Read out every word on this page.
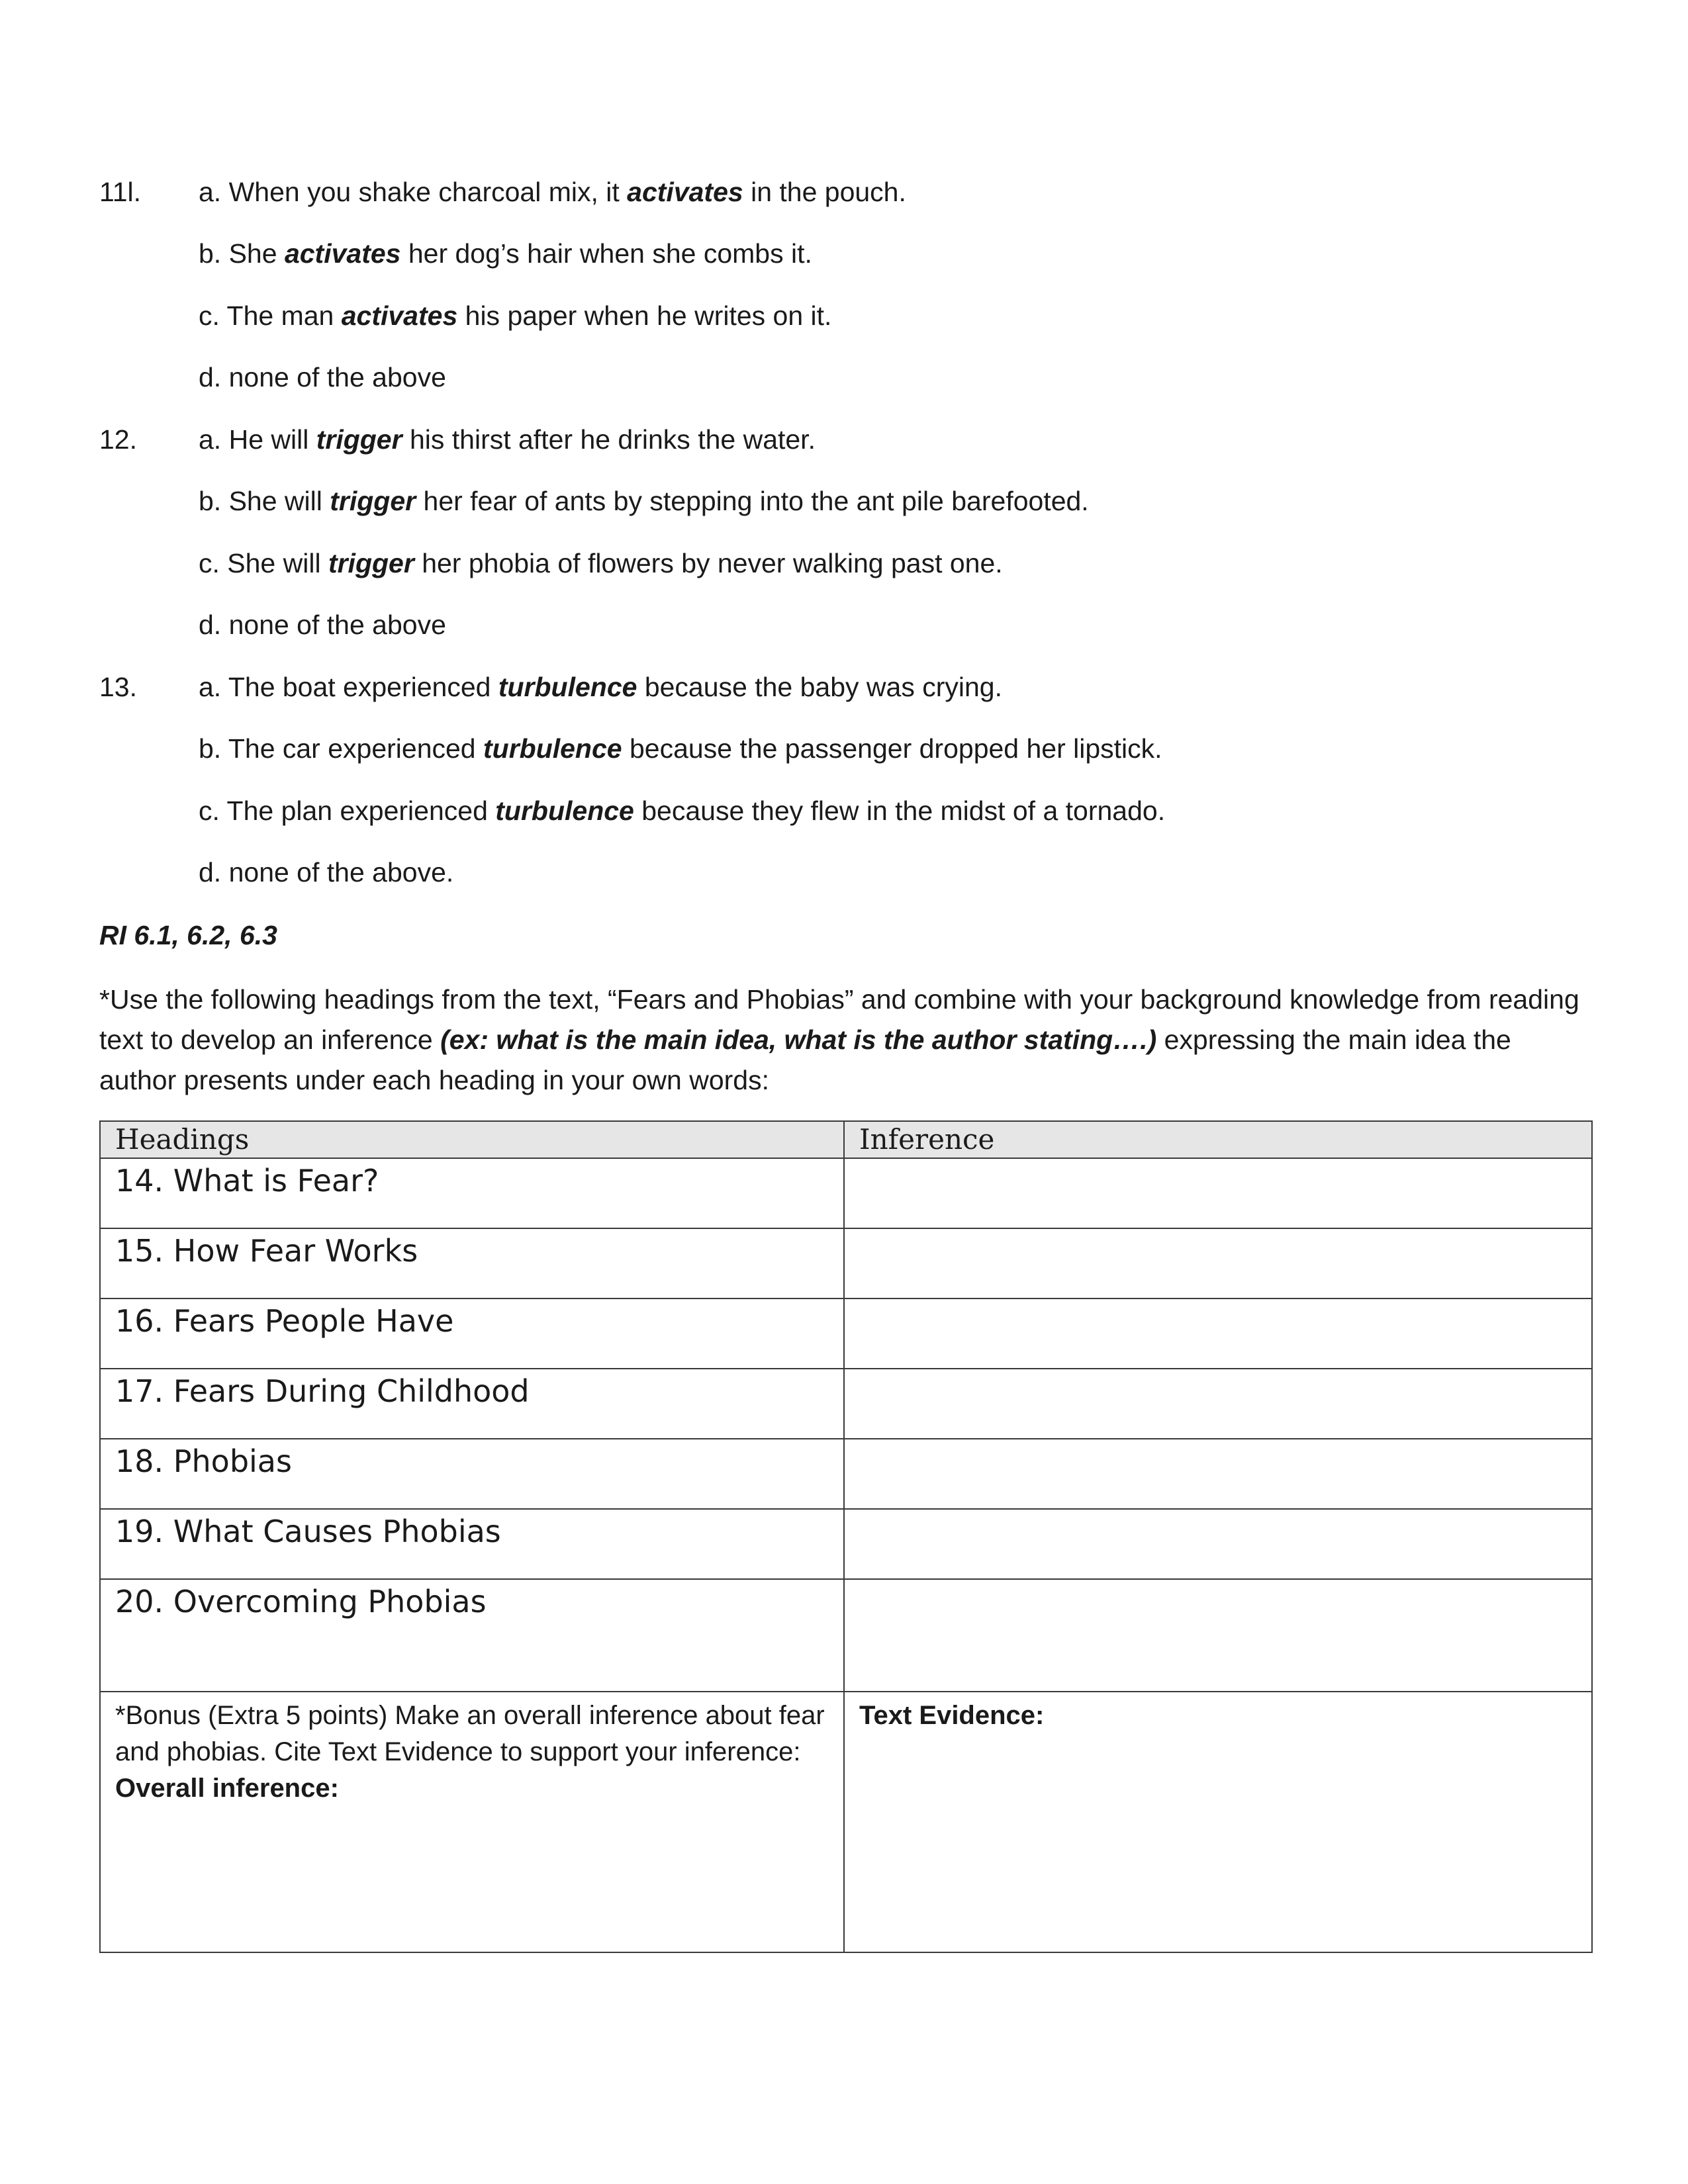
11l. a. When you shake charcoal mix, it activates in the pouch.
b. She activates her dog’s hair when she combs it.
c. The man activates his paper when he writes on it.
d. none of the above
12. a. He will trigger his thirst after he drinks the water.
b. She will trigger her fear of ants by stepping into the ant pile barefooted.
c. She will trigger her phobia of flowers by never walking past one.
d. none of the above
13. a. The boat experienced turbulence because the baby was crying.
b. The car experienced turbulence because the passenger dropped her lipstick.
c. The plan experienced turbulence because they flew in the midst of a tornado.
d. none of the above.
RI 6.1, 6.2, 6.3
*Use the following headings from the text, “Fears and Phobias” and combine with your background knowledge from reading text to develop an inference (ex: what is the main idea, what is the author stating….) expressing the main idea the author presents under each heading in your own words:
Headings	Inference
14. What is Fear?	
15. How Fear Works	
16. Fears People Have	
17. Fears During Childhood	
18. Phobias	
19. What Causes Phobias	
20. Overcoming Phobias	

*Bonus (Extra 5 points) Make an overall inference about fear and phobias. Cite Text Evidence to support your inference:
Overall inference:	Text Evidence:
